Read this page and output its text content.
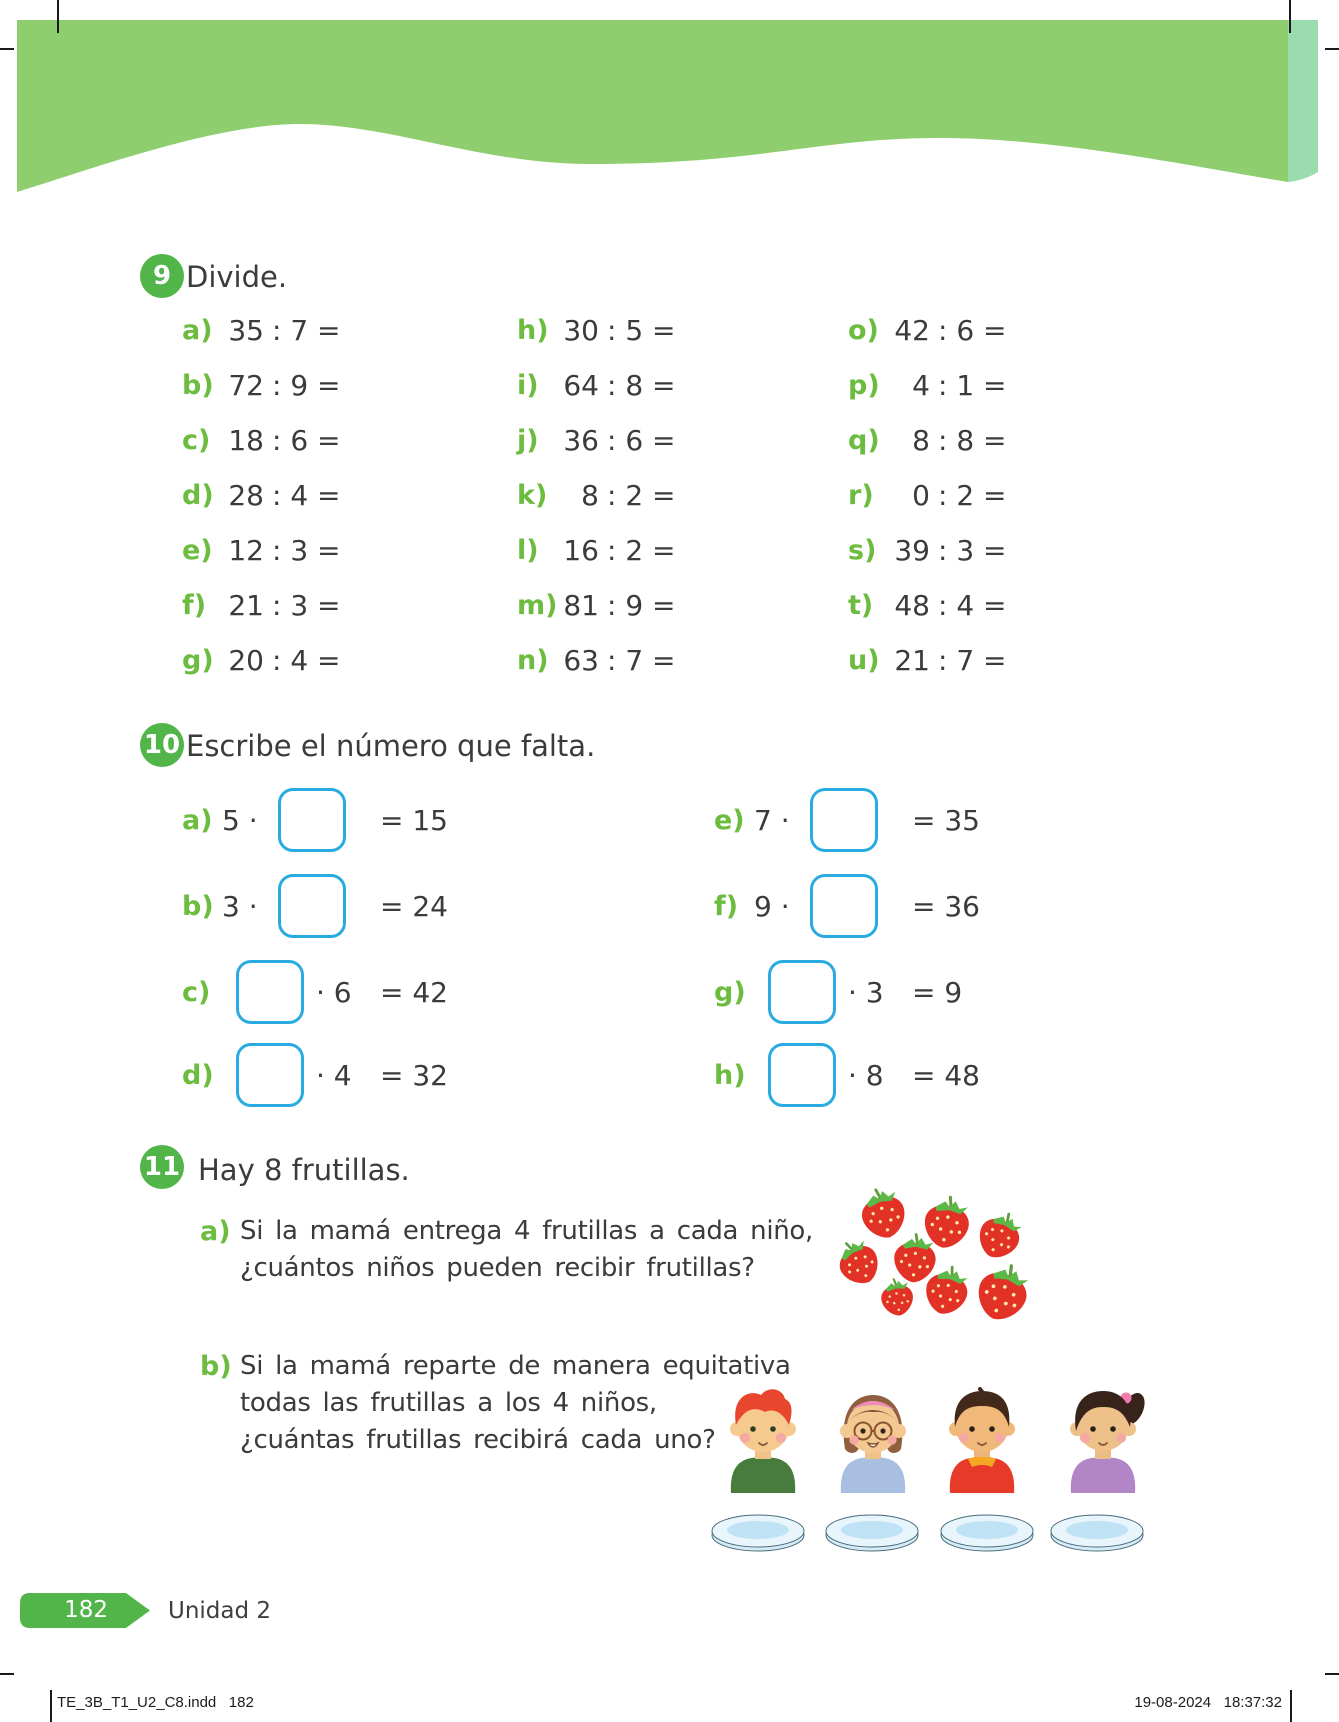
9 Divide.
a) 35 : 7 =
b) 72 : 9 =
c) 18 : 6 =
d) 28 : 4 =
e) 12 : 3 =
f) 21 : 3 =
g) 20 : 4 =
h) 30 : 5 =
i) 64 : 8 =
j) 36 : 6 =
k)	8 : 2 =
l) 16 : 2 =
m) 81 : 9 =
n) 63 : 7 =
o) 42 : 6 =
p)	4 : 1 =
q)	8 : 8 =
r)	0 : 2 =
s) 39 : 3 =
t) 48 : 4 =
u) 21 : 7 =
10 Escribe el número que falta.
a) 5 ·	= 15
b) 3 ·	= 24
c)	· 6 = 42
d)	· 4 = 32
e) 7 ·	= 35
f) 9 ·	= 36
g)	· 3 = 9
h)	· 8 = 48
11 Hay 8 frutillas.
a) Si la mamá entrega 4 frutillas a cada niño,
¿cuántos niños pueden recibir frutillas?
b) Si la mamá reparte de manera equitativa
todas las frutillas a los 4 niños,
¿cuántas frutillas recibirá cada uno?
182	Unidad 2
TE_3B_T1_U2_C8.indd   182	19-08-2024   18:37:32
